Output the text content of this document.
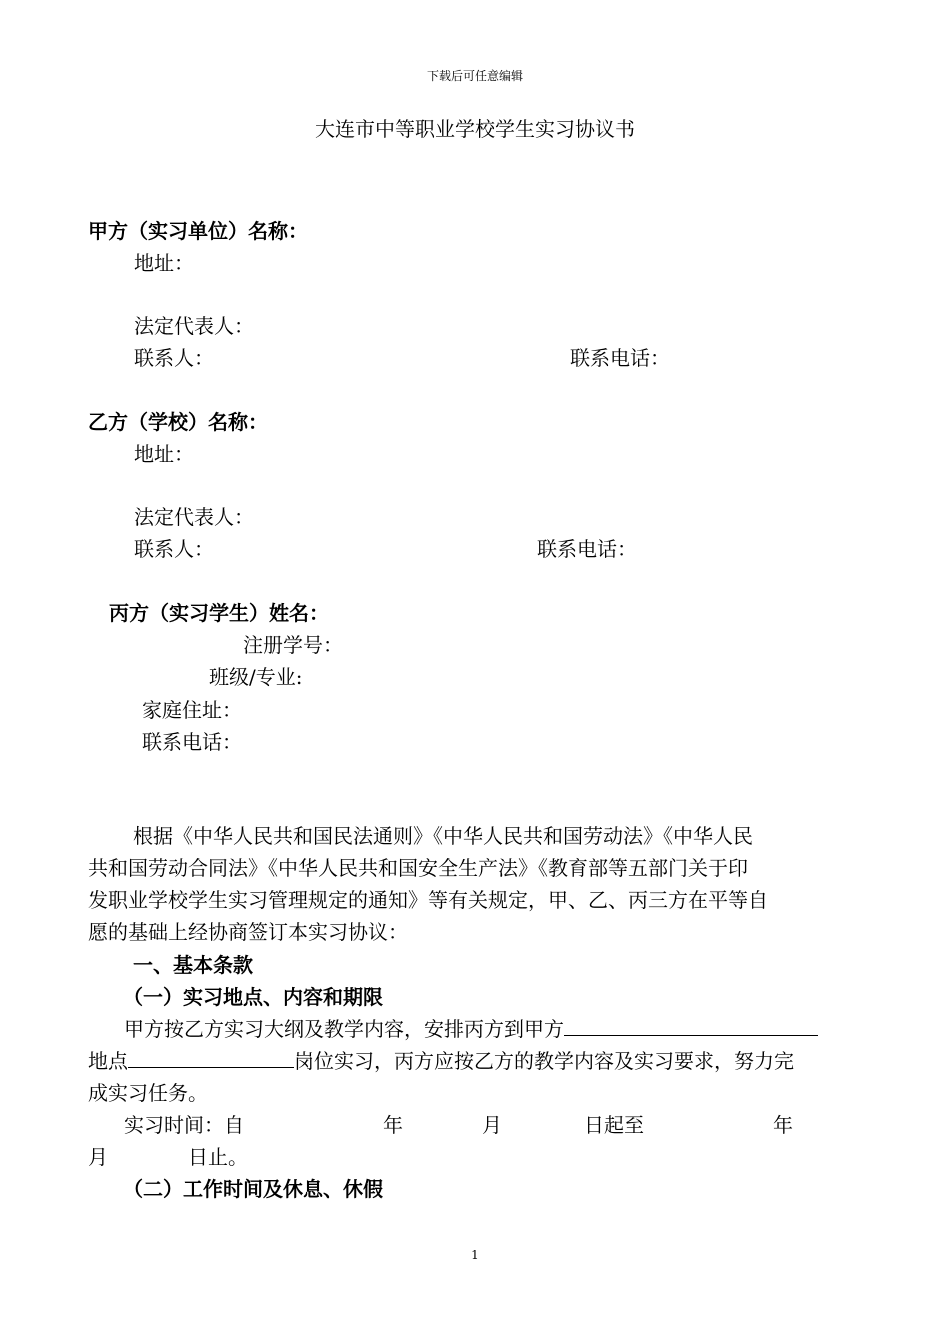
下载后可任意编辑
大连市中等职业学校学生实习协议书
甲方（实习单位）名称：
地址：
法定代表人：
联系人：	联系电话：
乙方（学校）名称：
地址：
法定代表人：
联系人：	联系电话：
丙方（实习学生）姓名：
注册学号：
班级/专业:
家庭住址：
联系电话：
根据《中华人民共和国民法通则》《中华人民共和国劳动法》《中华人民
共和国劳动合同法》《中华人民共和国安全生产法》《教育部等五部门关于印
发职业学校学生实习管理规定的通知》等有关规定，甲、乙、丙三方在平等自
愿的基础上经协商签订本实习协议：
一、基本条款
（一）实习地点、内容和期限
甲方按乙方实习大纲及教学内容，安排丙方到甲方
地点	岗位实习，丙方应按乙方的教学内容及实习要求，努力完
成实习任务。
实习时间：自	年	月	日起至	年
月	日止。
（二）工作时间及休息、休假
1
